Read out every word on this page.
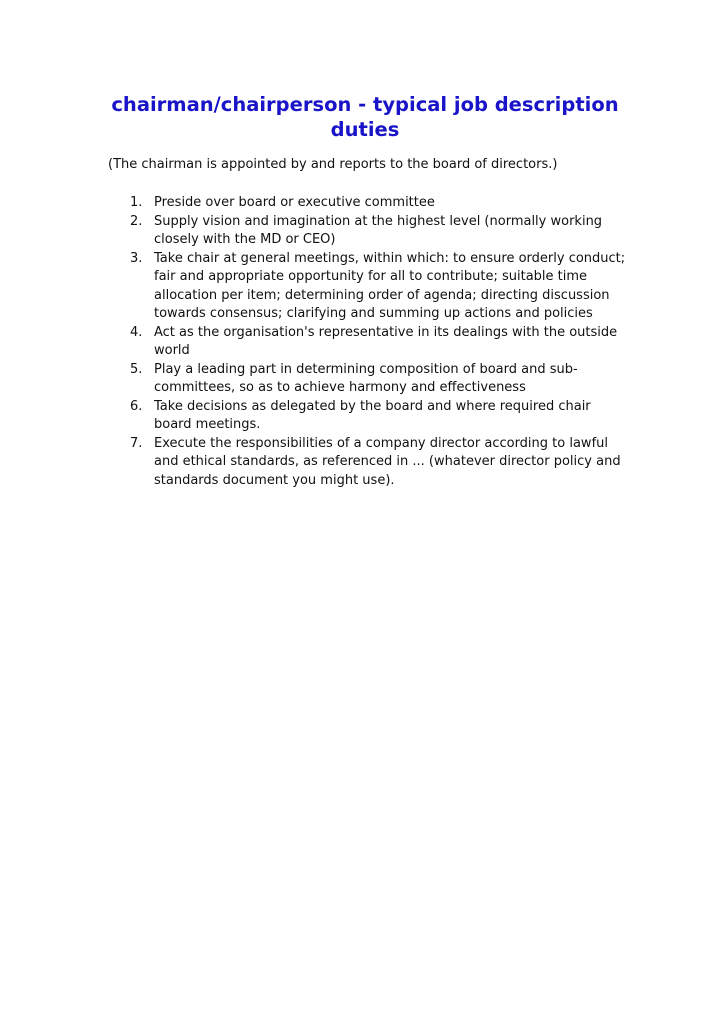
chairman/chairperson - typical job description duties
(The chairman is appointed by and reports to the board of directors.)
1. Preside over board or executive committee
2. Supply vision and imagination at the highest level (normally working closely with the MD or CEO)
3. Take chair at general meetings, within which: to ensure orderly conduct; fair and appropriate opportunity for all to contribute; suitable time allocation per item; determining order of agenda; directing discussion towards consensus; clarifying and summing up actions and policies
4. Act as the organisation's representative in its dealings with the outside world
5. Play a leading part in determining composition of board and sub-committees, so as to achieve harmony and effectiveness
6. Take decisions as delegated by the board and where required chair board meetings.
7. Execute the responsibilities of a company director according to lawful and ethical standards, as referenced in ... (whatever director policy and standards document you might use).
